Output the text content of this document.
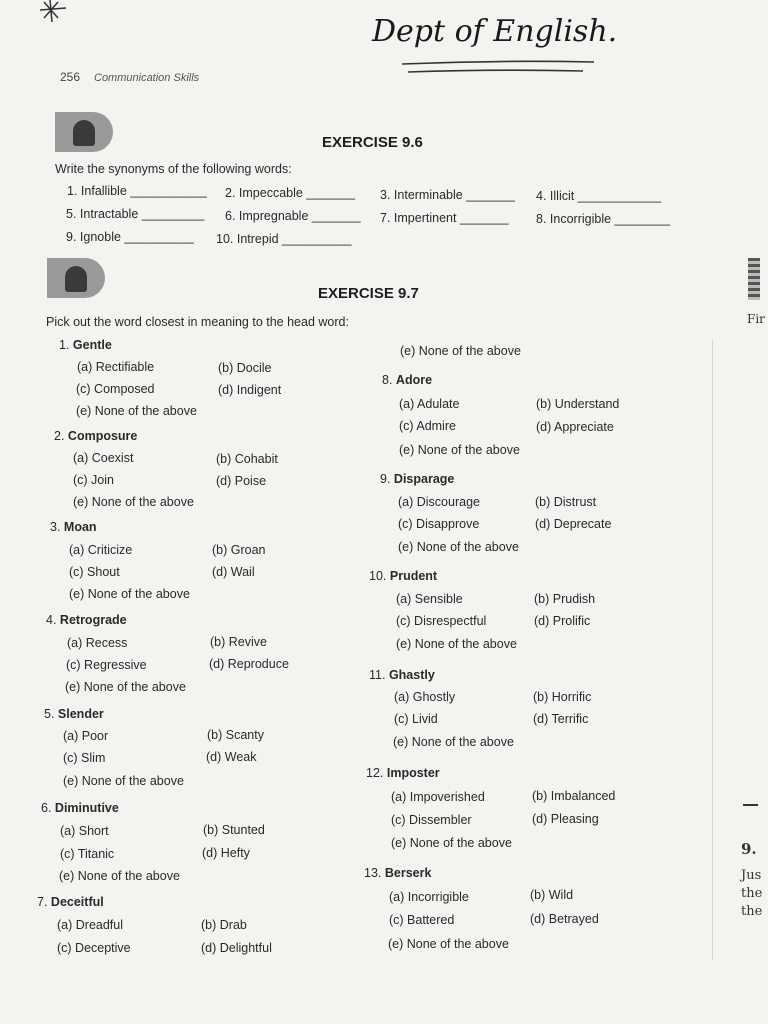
Dept of English.
256 Communication Skills
EXERCISE 9.6
Write the synonyms of the following words:
1. Infallible ___________ 2. Impeccable _______ 3. Interminable _______ 4. Illicit ____________
5. Intractable _________ 6. Impregnable _______ 7. Impertinent _______ 8. Incorrigible ________
9. Ignoble __________ 10. Intrepid __________
EXERCISE 9.7
Pick out the word closest in meaning to the head word:
1. Gentle
(a) Rectifiable	(b) Docile
(c) Composed	(d) Indigent
(e) None of the above
2. Composure
(a) Coexist	(b) Cohabit
(c) Join	(d) Poise
(e) None of the above
3. Moan
(a) Criticize	(b) Groan
(c) Shout	(d) Wail
(e) None of the above
4. Retrograde
(a) Recess	(b) Revive
(c) Regressive	(d) Reproduce
(e) None of the above
5. Slender
(a) Poor	(b) Scanty
(c) Slim	(d) Weak
(e) None of the above
6. Diminutive
(a) Short	(b) Stunted
(c) Titanic	(d) Hefty
(e) None of the above
7. Deceitful
(a) Dreadful	(b) Drab
(c) Deceptive	(d) Delightful
(e) None of the above
8. Adore
(a) Adulate	(b) Understand
(c) Admire	(d) Appreciate
(e) None of the above
9. Disparage
(a) Discourage	(b) Distrust
(c) Disapprove	(d) Deprecate
(e) None of the above
10. Prudent
(a) Sensible	(b) Prudish
(c) Disrespectful	(d) Prolific
(e) None of the above
11. Ghastly
(a) Ghostly	(b) Horrific
(c) Livid	(d) Terrific
(e) None of the above
12. Imposter
(a) Impoverished	(b) Imbalanced
(c) Dissembler	(d) Pleasing
(e) None of the above
13. Berserk
(a) Incorrigible	(b) Wild
(c) Battered	(d) Betrayed
(e) None of the above
Fir
9.
Jus
the
the
